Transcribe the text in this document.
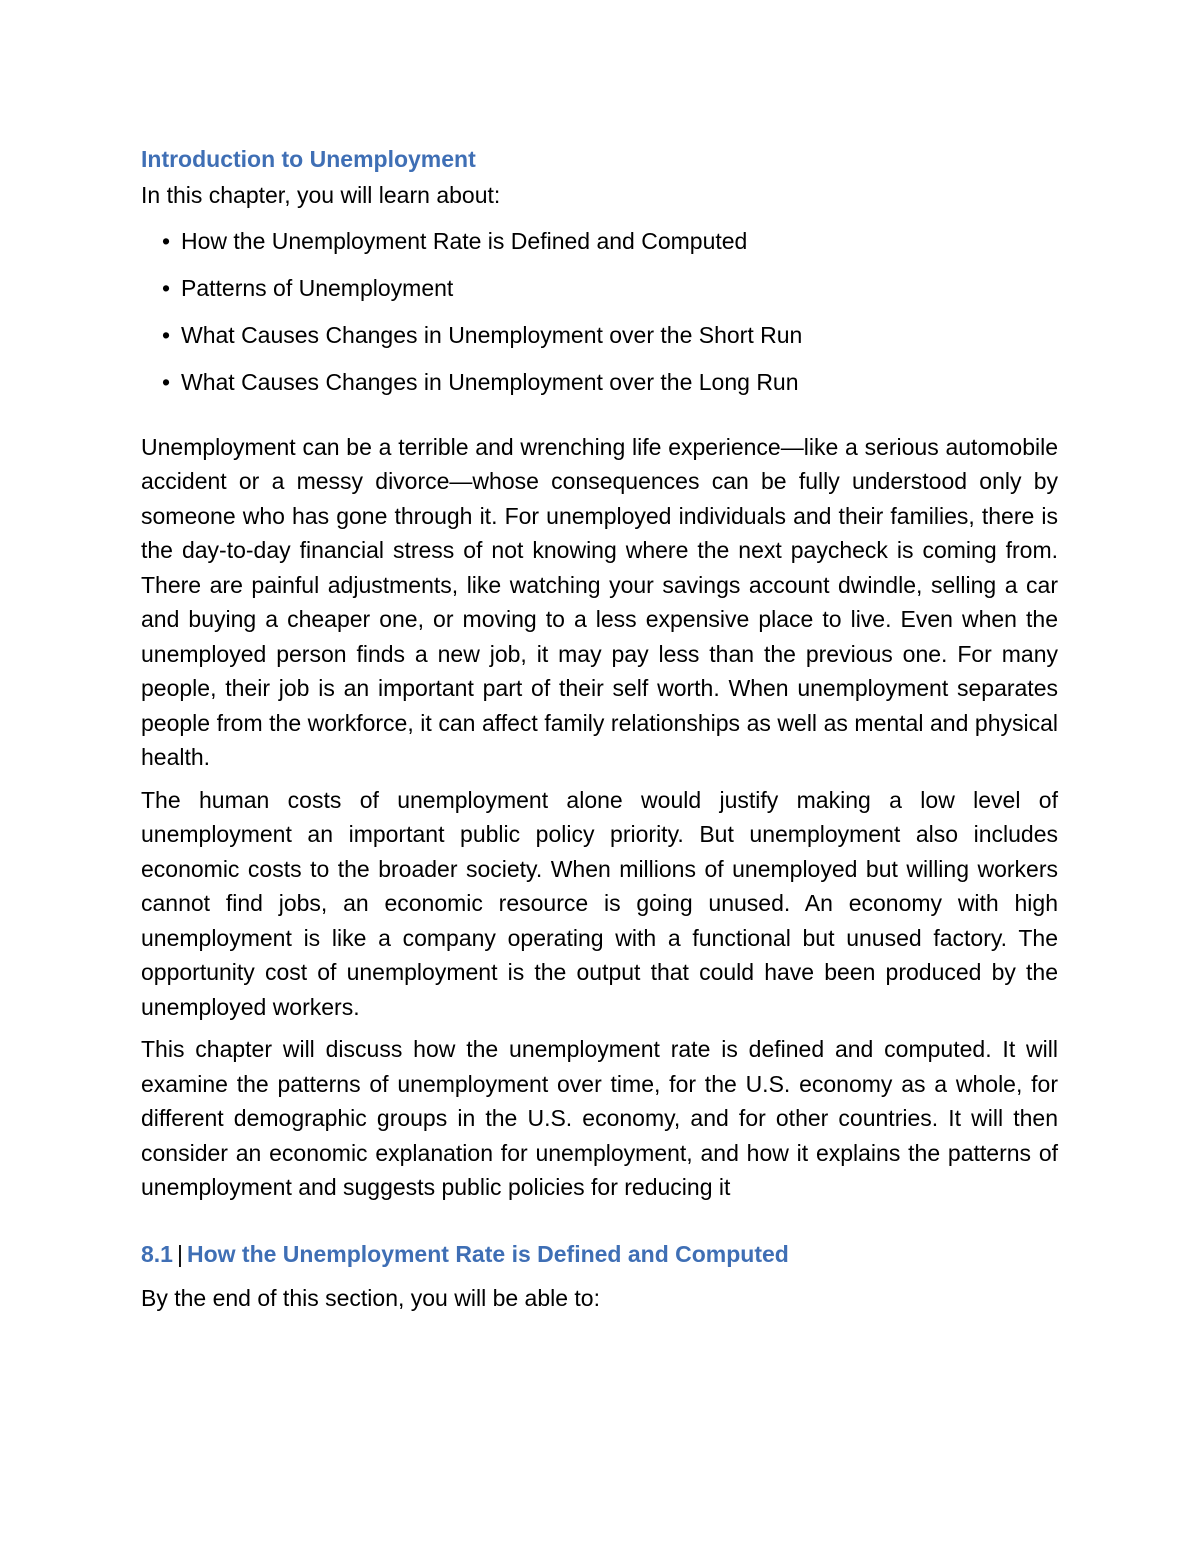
Introduction to Unemployment
In this chapter, you will learn about:
• How the Unemployment Rate is Defined and Computed
• Patterns of Unemployment
• What Causes Changes in Unemployment over the Short Run
• What Causes Changes in Unemployment over the Long Run

Unemployment can be a terrible and wrenching life experience—like a serious automobile accident or a messy divorce—whose consequences can be fully understood only by someone who has gone through it. For unemployed individuals and their families, there is the day-to-day financial stress of not knowing where the next paycheck is coming from. There are painful adjustments, like watching your savings account dwindle, selling a car and buying a cheaper one, or moving to a less expensive place to live. Even when the unemployed person finds a new job, it may pay less than the previous one. For many people, their job is an important part of their self worth. When unemployment separates people from the workforce, it can affect family relationships as well as mental and physical health.

The human costs of unemployment alone would justify making a low level of unemployment an important public policy priority. But unemployment also includes economic costs to the broader society. When millions of unemployed but willing workers cannot find jobs, an economic resource is going unused. An economy with high unemployment is like a company operating with a functional but unused factory. The opportunity cost of unemployment is the output that could have been produced by the unemployed workers.

This chapter will discuss how the unemployment rate is defined and computed. It will examine the patterns of unemployment over time, for the U.S. economy as a whole, for different demographic groups in the U.S. economy, and for other countries. It will then consider an economic explanation for unemployment, and how it explains the patterns of unemployment and suggests public policies for reducing it

8.1 | How the Unemployment Rate is Defined and Computed
By the end of this section, you will be able to:
